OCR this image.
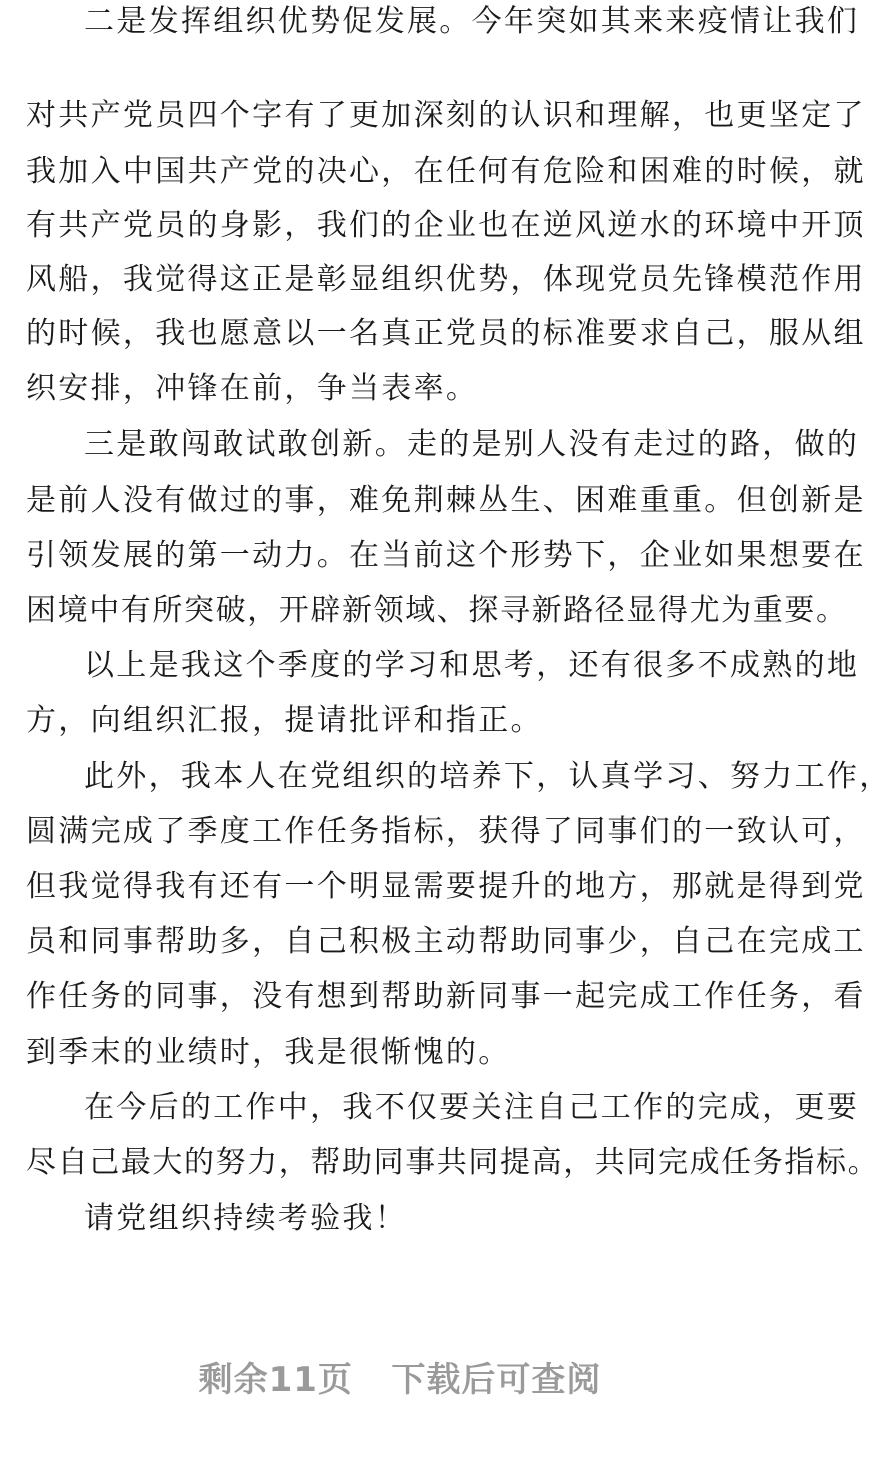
二是发挥组织优势促发展。今年突如其来来疫情让我们
对共产党员四个字有了更加深刻的认识和理解，也更坚定了
我加入中国共产党的决心，在任何有危险和困难的时候，就
有共产党员的身影，我们的企业也在逆风逆水的环境中开顶
风船，我觉得这正是彰显组织优势，体现党员先锋模范作用
的时候，我也愿意以一名真正党员的标准要求自己，服从组
织安排，冲锋在前，争当表率。
三是敢闯敢试敢创新。走的是别人没有走过的路，做的
是前人没有做过的事，难免荆棘丛生、困难重重。但创新是
引领发展的第一动力。在当前这个形势下，企业如果想要在
困境中有所突破，开辟新领域、探寻新路径显得尤为重要。
以上是我这个季度的学习和思考，还有很多不成熟的地
方，向组织汇报，提请批评和指正。
此外，我本人在党组织的培养下，认真学习、努力工作，
圆满完成了季度工作任务指标，获得了同事们的一致认可，
但我觉得我有还有一个明显需要提升的地方，那就是得到党
员和同事帮助多，自己积极主动帮助同事少，自己在完成工
作任务的同事，没有想到帮助新同事一起完成工作任务，看
到季末的业绩时，我是很惭愧的。
在今后的工作中，我不仅要关注自己工作的完成，更要
尽自己最大的努力，帮助同事共同提高，共同完成任务指标。
请党组织持续考验我！
剩余11页   下载后可查阅
